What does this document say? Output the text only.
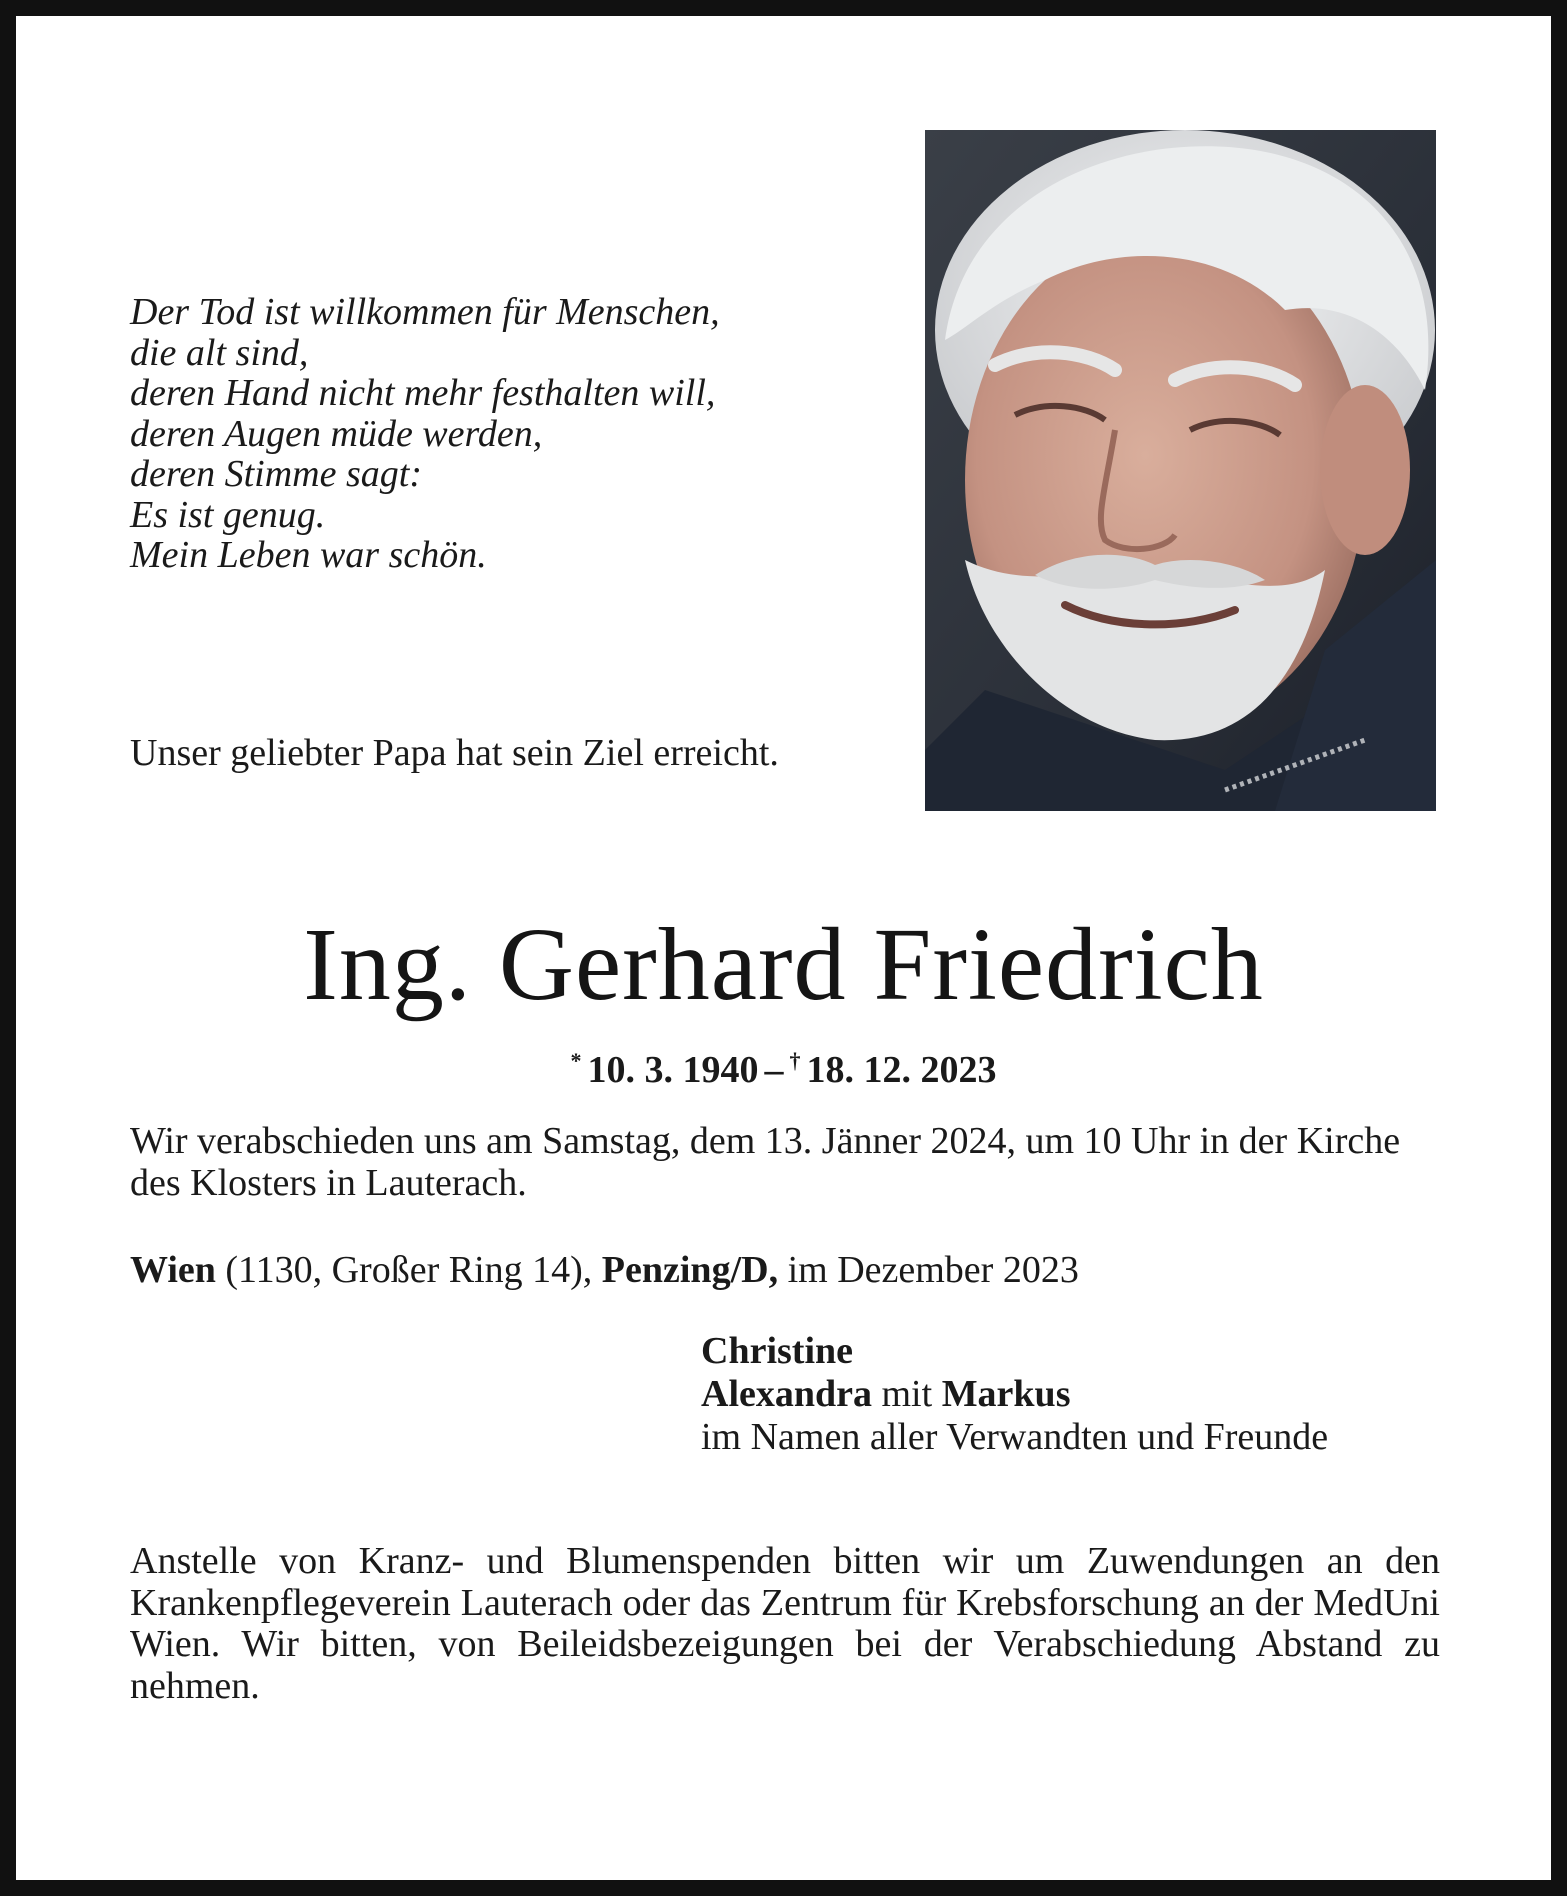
Der Tod ist willkommen für Menschen,
die alt sind,
deren Hand nicht mehr festhalten will,
deren Augen müde werden,
deren Stimme sagt:
Es ist genug.
Mein Leben war schön.
Unser geliebter Papa hat sein Ziel erreicht.
Ing. Gerhard Friedrich
* 10. 3. 1940 – † 18. 12. 2023
Wir verabschieden uns am Samstag, dem 13. Jänner 2024, um 10 Uhr in der Kirche des Klosters in Lauterach.
Wien (1130, Großer Ring 14), Penzing/D, im Dezember 2023
Christine
Alexandra mit Markus
im Namen aller Verwandten und Freunde
Anstelle von Kranz- und Blumenspenden bitten wir um Zuwendungen an den Krankenpflegeverein Lauterach oder das Zentrum für Krebsforschung an der MedUni Wien. Wir bitten, von Beileidsbezeigungen bei der Verabschiedung Abstand zu nehmen.
